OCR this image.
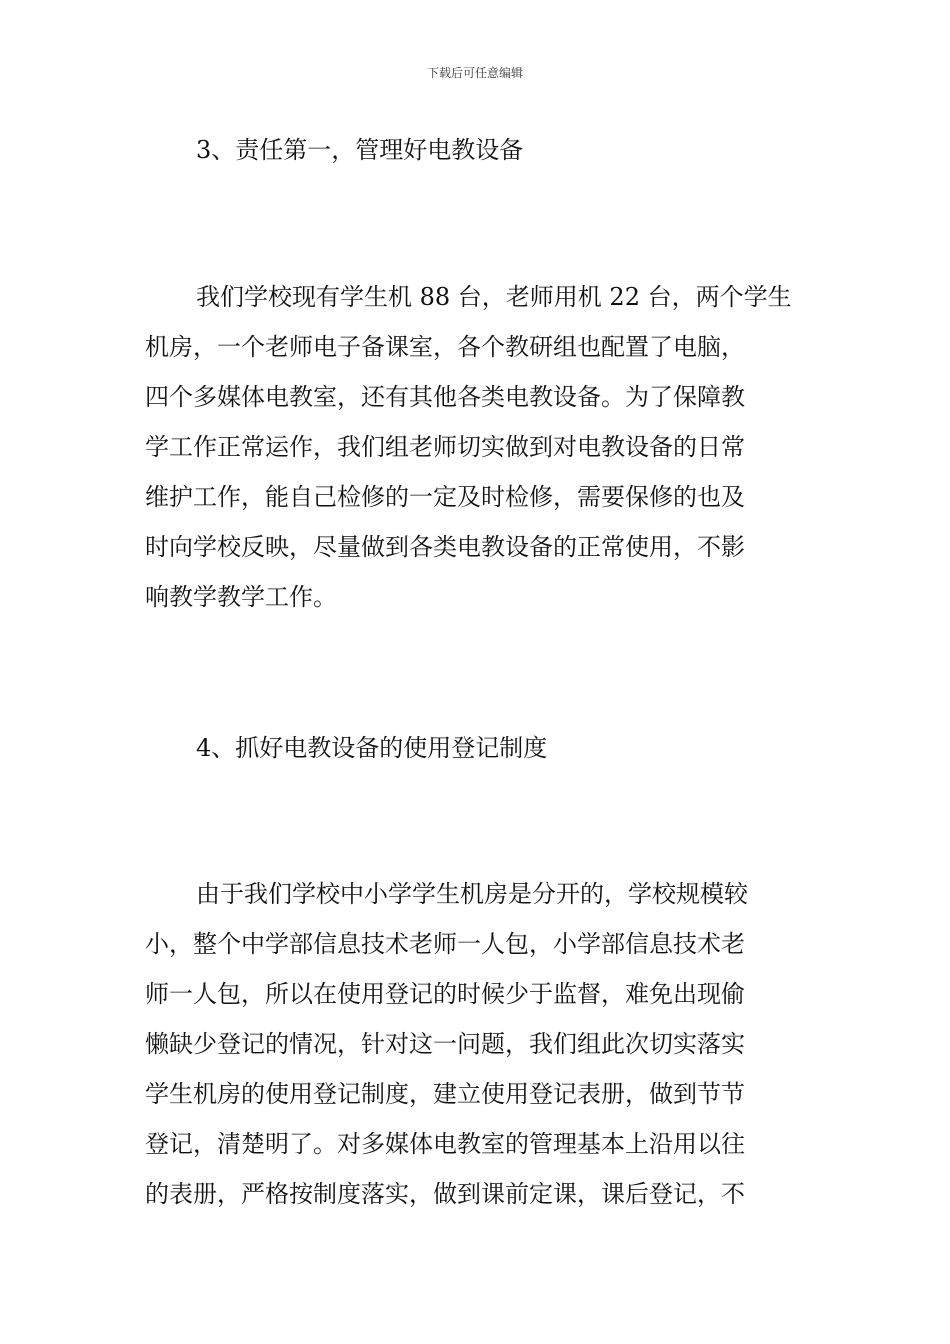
下载后可任意编辑
3、责任第一，管理好电教设备
我们学校现有学生机 88 台，老师用机 22 台，两个学生
机房，一个老师电子备课室，各个教研组也配置了电脑，
四个多媒体电教室，还有其他各类电教设备。为了保障教
学工作正常运作，我们组老师切实做到对电教设备的日常
维护工作，能自己检修的一定及时检修，需要保修的也及
时向学校反映，尽量做到各类电教设备的正常使用，不影
响教学教学工作。
4、抓好电教设备的使用登记制度
由于我们学校中小学学生机房是分开的，学校规模较
小，整个中学部信息技术老师一人包，小学部信息技术老
师一人包，所以在使用登记的时候少于监督，难免出现偷
懒缺少登记的情况，针对这一问题，我们组此次切实落实
学生机房的使用登记制度，建立使用登记表册，做到节节
登记，清楚明了。对多媒体电教室的管理基本上沿用以往
的表册，严格按制度落实，做到课前定课，课后登记，不
